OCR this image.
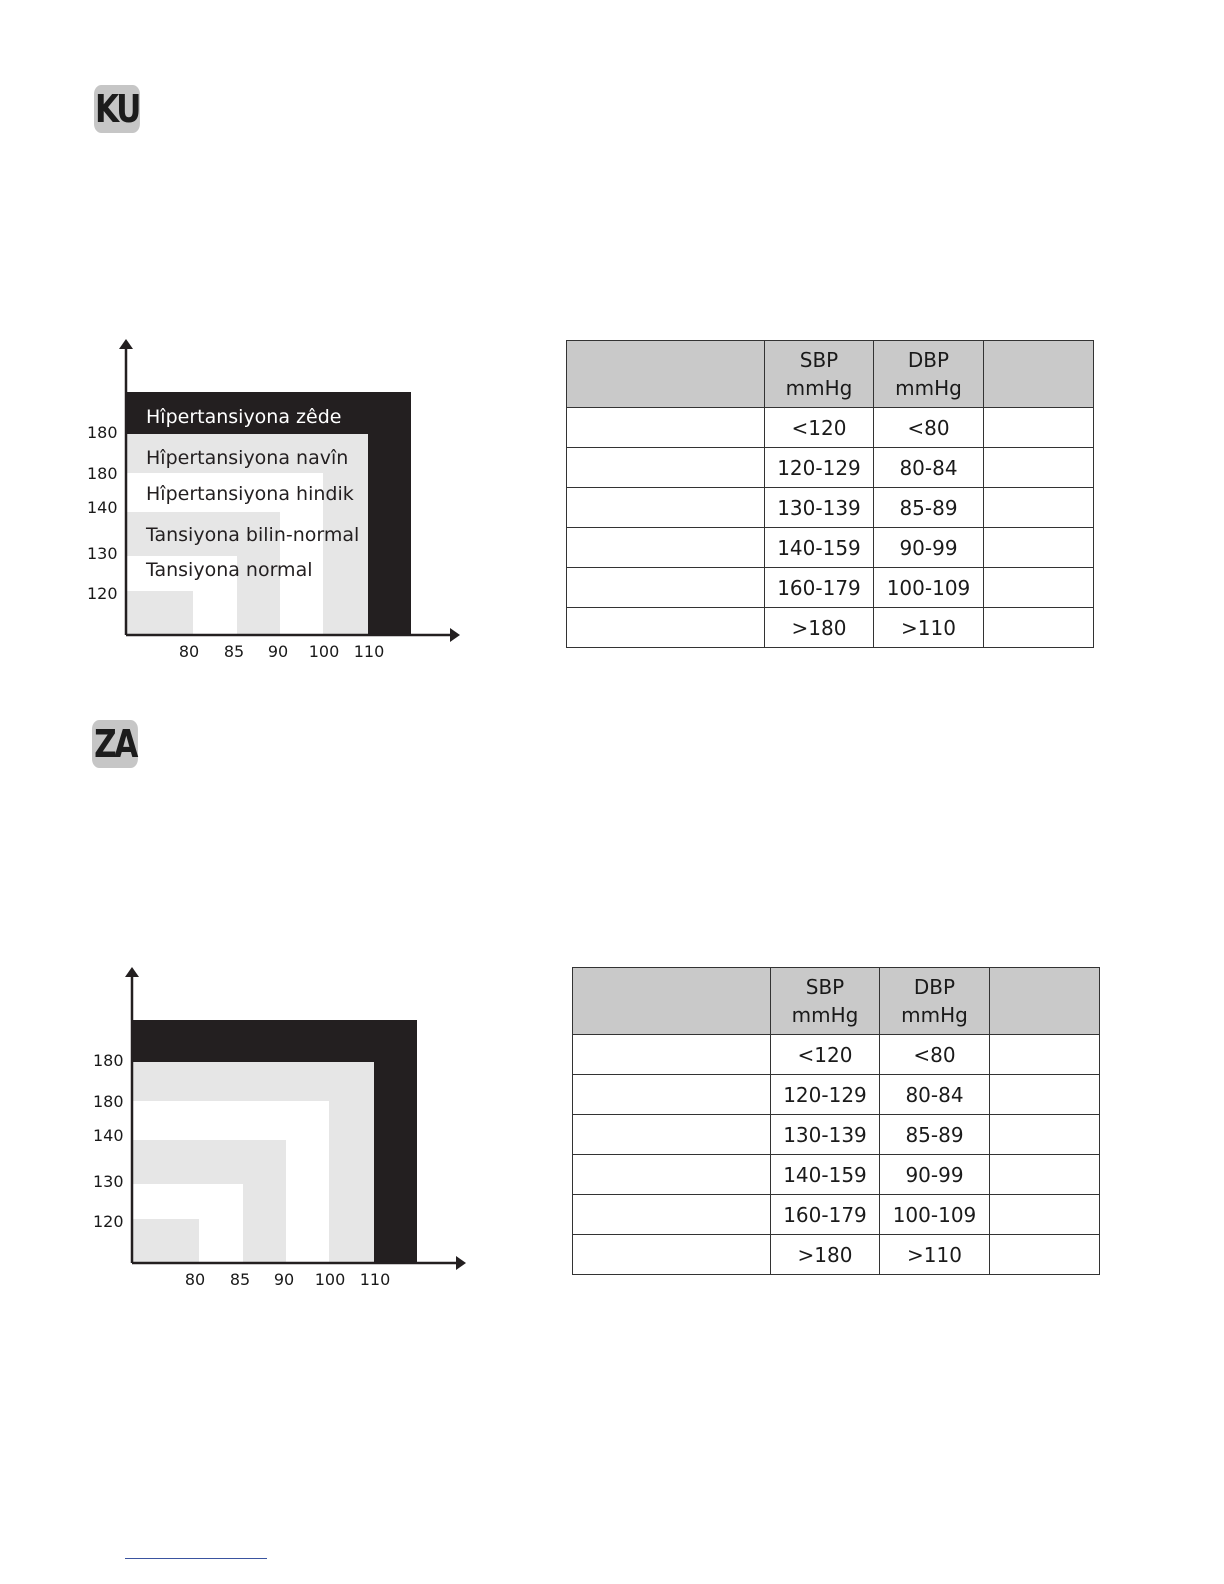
KU
Hîpertansiyona zêde
Hîpertansiyona navîn
Hîpertansiyona hindik
Tansiyona bilin-normal
Tansiyona normal
80 85 90 100 110
120
130
140
180
180

	SBP
mmHg	DBP
mmHg	

	<120	<80	
	120-129	80-84	
	130-139	85-89	
	140-159	90-99	
	160-179	100-109	
	>180	>110	
ZA
80 85 90 100 110
120
130
140
180
180

	SBP
mmHg	DBP
mmHg	

	<120	<80	
	120-129	80-84	
	130-139	85-89	
	140-159	90-99	
	160-179	100-109	
	>180	>110	
